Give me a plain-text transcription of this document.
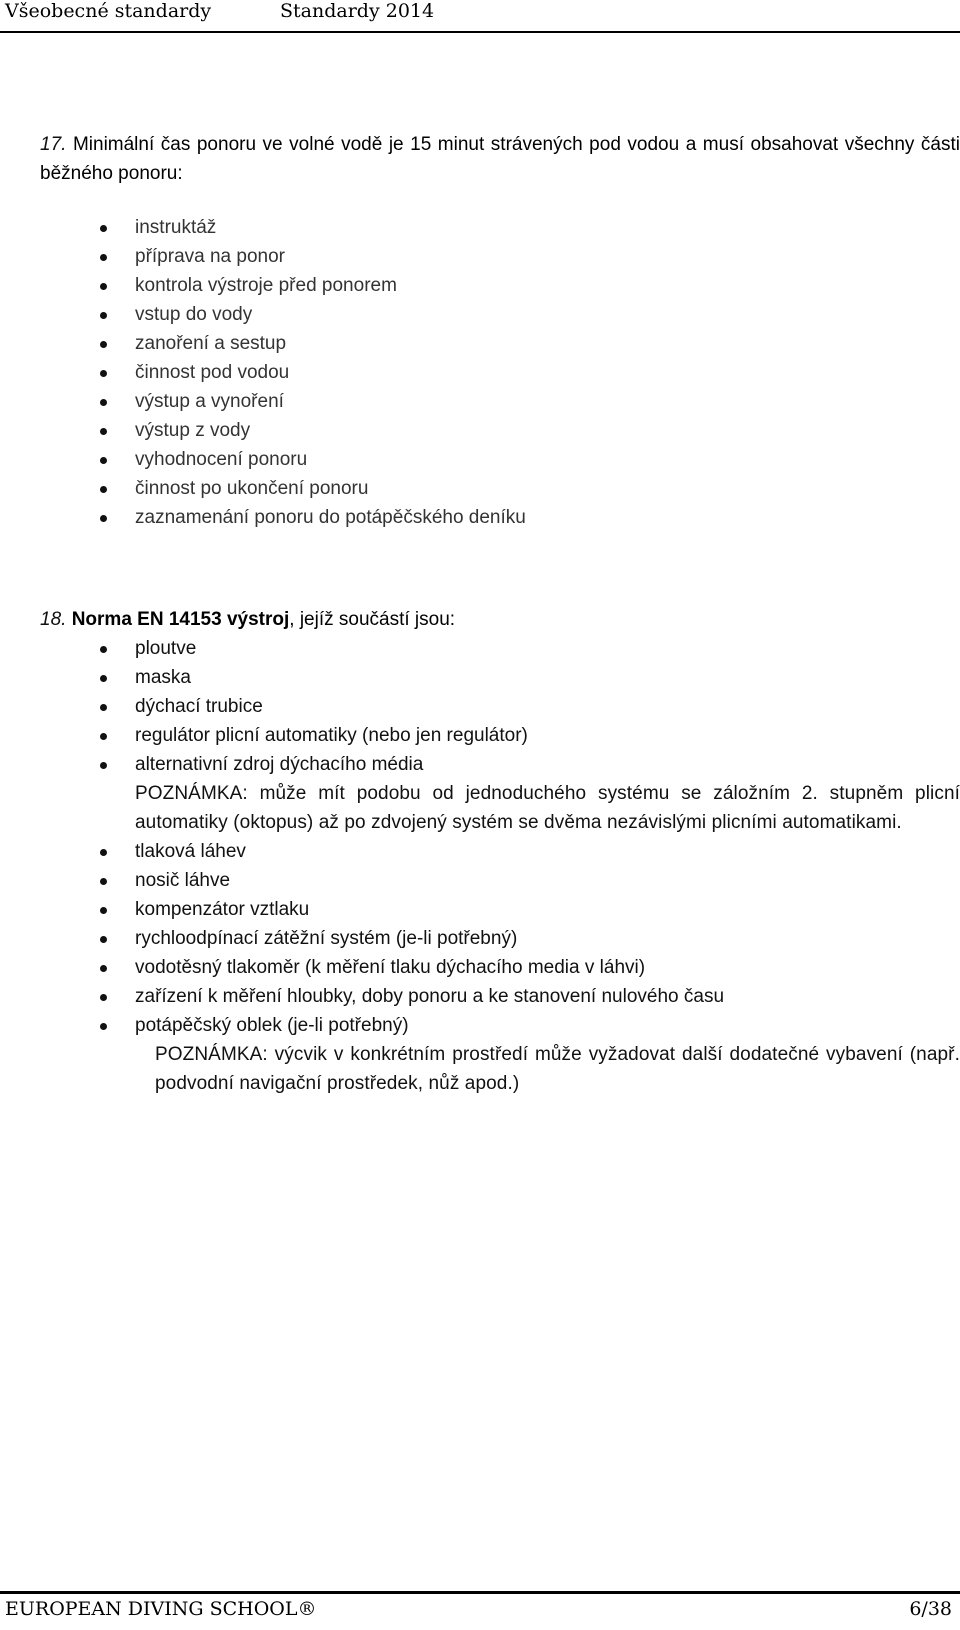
Všeobecné standardy	Standardy 2014

17. Minimální čas ponoru ve volné vodě je 15 minut strávených pod vodou a musí obsahovat všechny části běžného ponoru:

instruktáž
příprava na ponor
kontrola výstroje před ponorem
vstup do vody
zanoření a sestup
činnost pod vodou
výstup a vynoření
výstup z vody
vyhodnocení ponoru
činnost po ukončení ponoru
zaznamenání ponoru do potápěčského deníku

18. Norma EN 14153 výstroj, jejíž součástí jsou:

ploutve
maska
dýchací trubice
regulátor plicní automatiky (nebo jen regulátor)
alternativní zdroj dýchacího média
POZNÁMKA: může mít podobu od jednoduchého systému se záložním 2. stupněm plicní automatiky (oktopus) až po zdvojený systém se dvěma nezávislými plicními automatikami.
tlaková láhev
nosič láhve
kompenzátor vztlaku
rychloodpínací zátěžní systém (je-li potřebný)
vodotěsný tlakoměr (k měření tlaku dýchacího media v láhvi)
zařízení k měření hloubky, doby ponoru a ke stanovení nulového času
potápěčský oblek (je-li potřebný)
POZNÁMKA: výcvik v konkrétním prostředí může vyžadovat další dodatečné vybavení (např. podvodní navigační prostředek, nůž apod.)
EUROPEAN DIVING SCHOOL®	6/38
